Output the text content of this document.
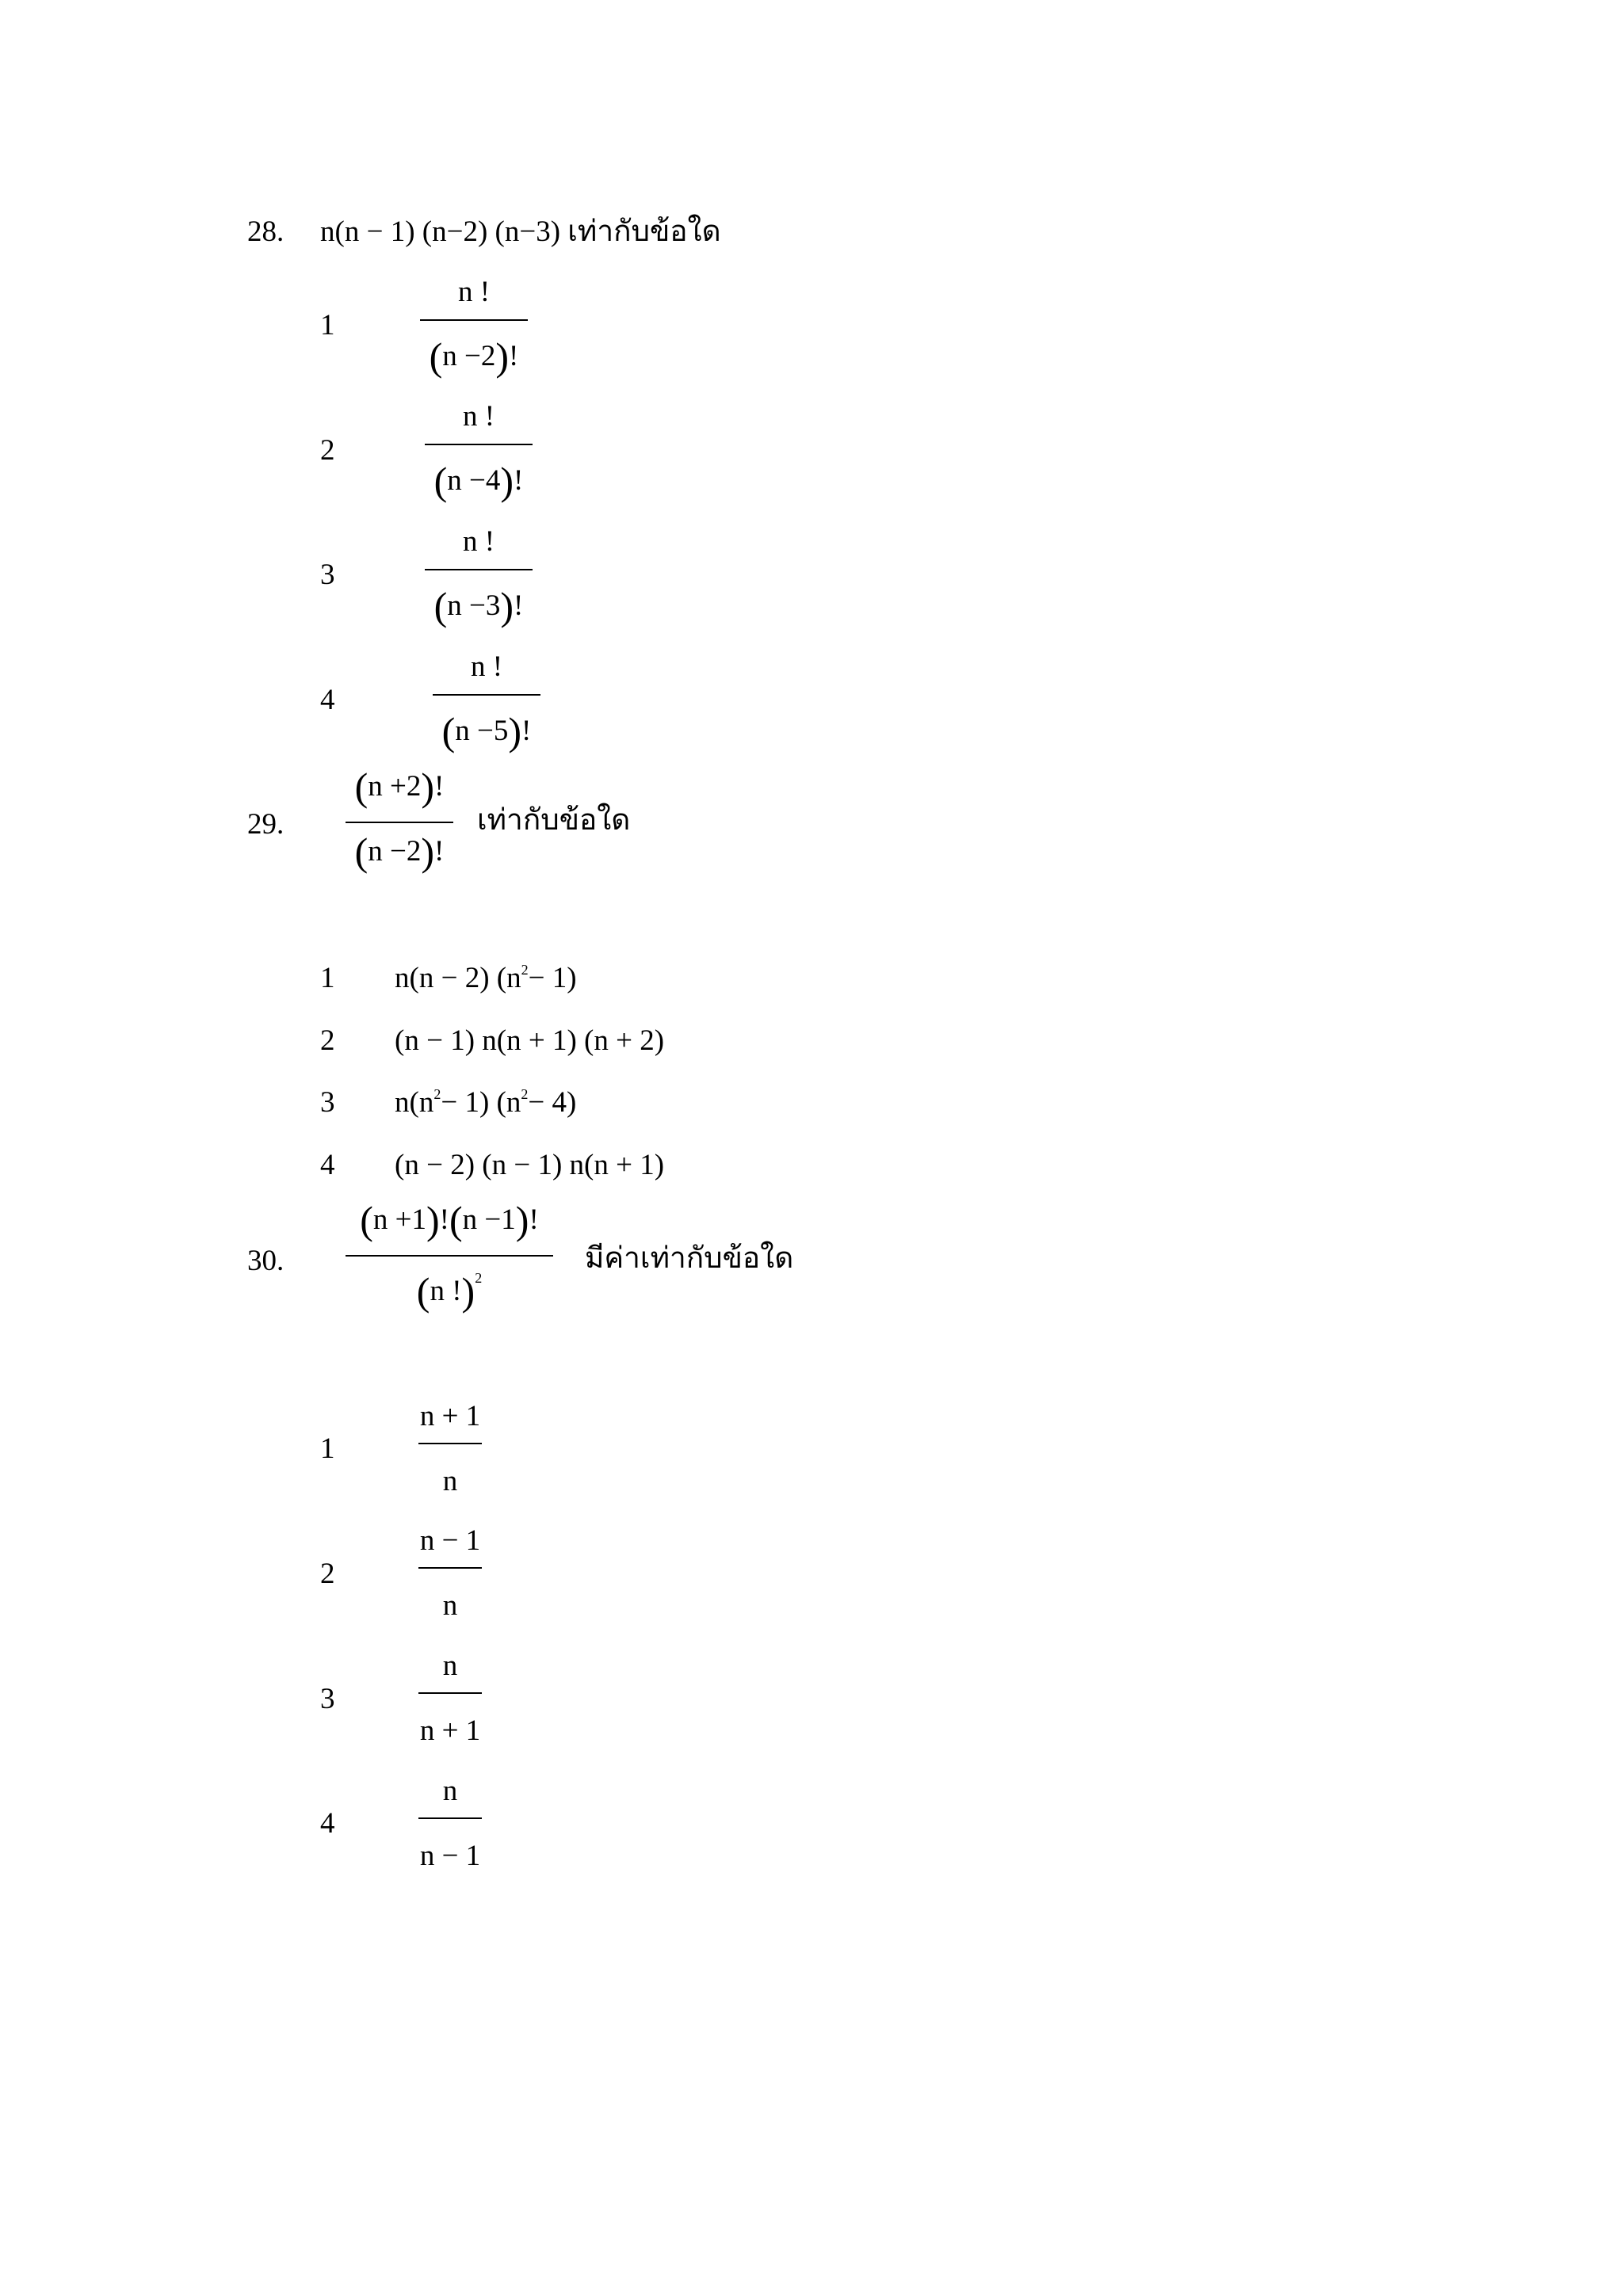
28. n(n − 1) (n−2) (n−3) เท่ากับข้อใด
1
n !
(n −2)!
2
n !
(n −4)!
3
n !
(n −3)!
4
n !
(n −5)!
29.
(n +2)!
(n −2)!
เท่ากับข้อใด
1 n(n − 2) $(n^2- 1)$
2 (n − 1) n(n + 1) (n + 2)
3 $n(n^2- 1)$ $(n^2- 4)$
4 (n − 2) (n − 1) n(n + 1)
30.
(n +1)!(n −1)!
(n !)$^2$
มีค่าเท่ากับข้อใด
1
n + 1
n
2
n − 1
n
3
n
n + 1
4
n
n − 1
